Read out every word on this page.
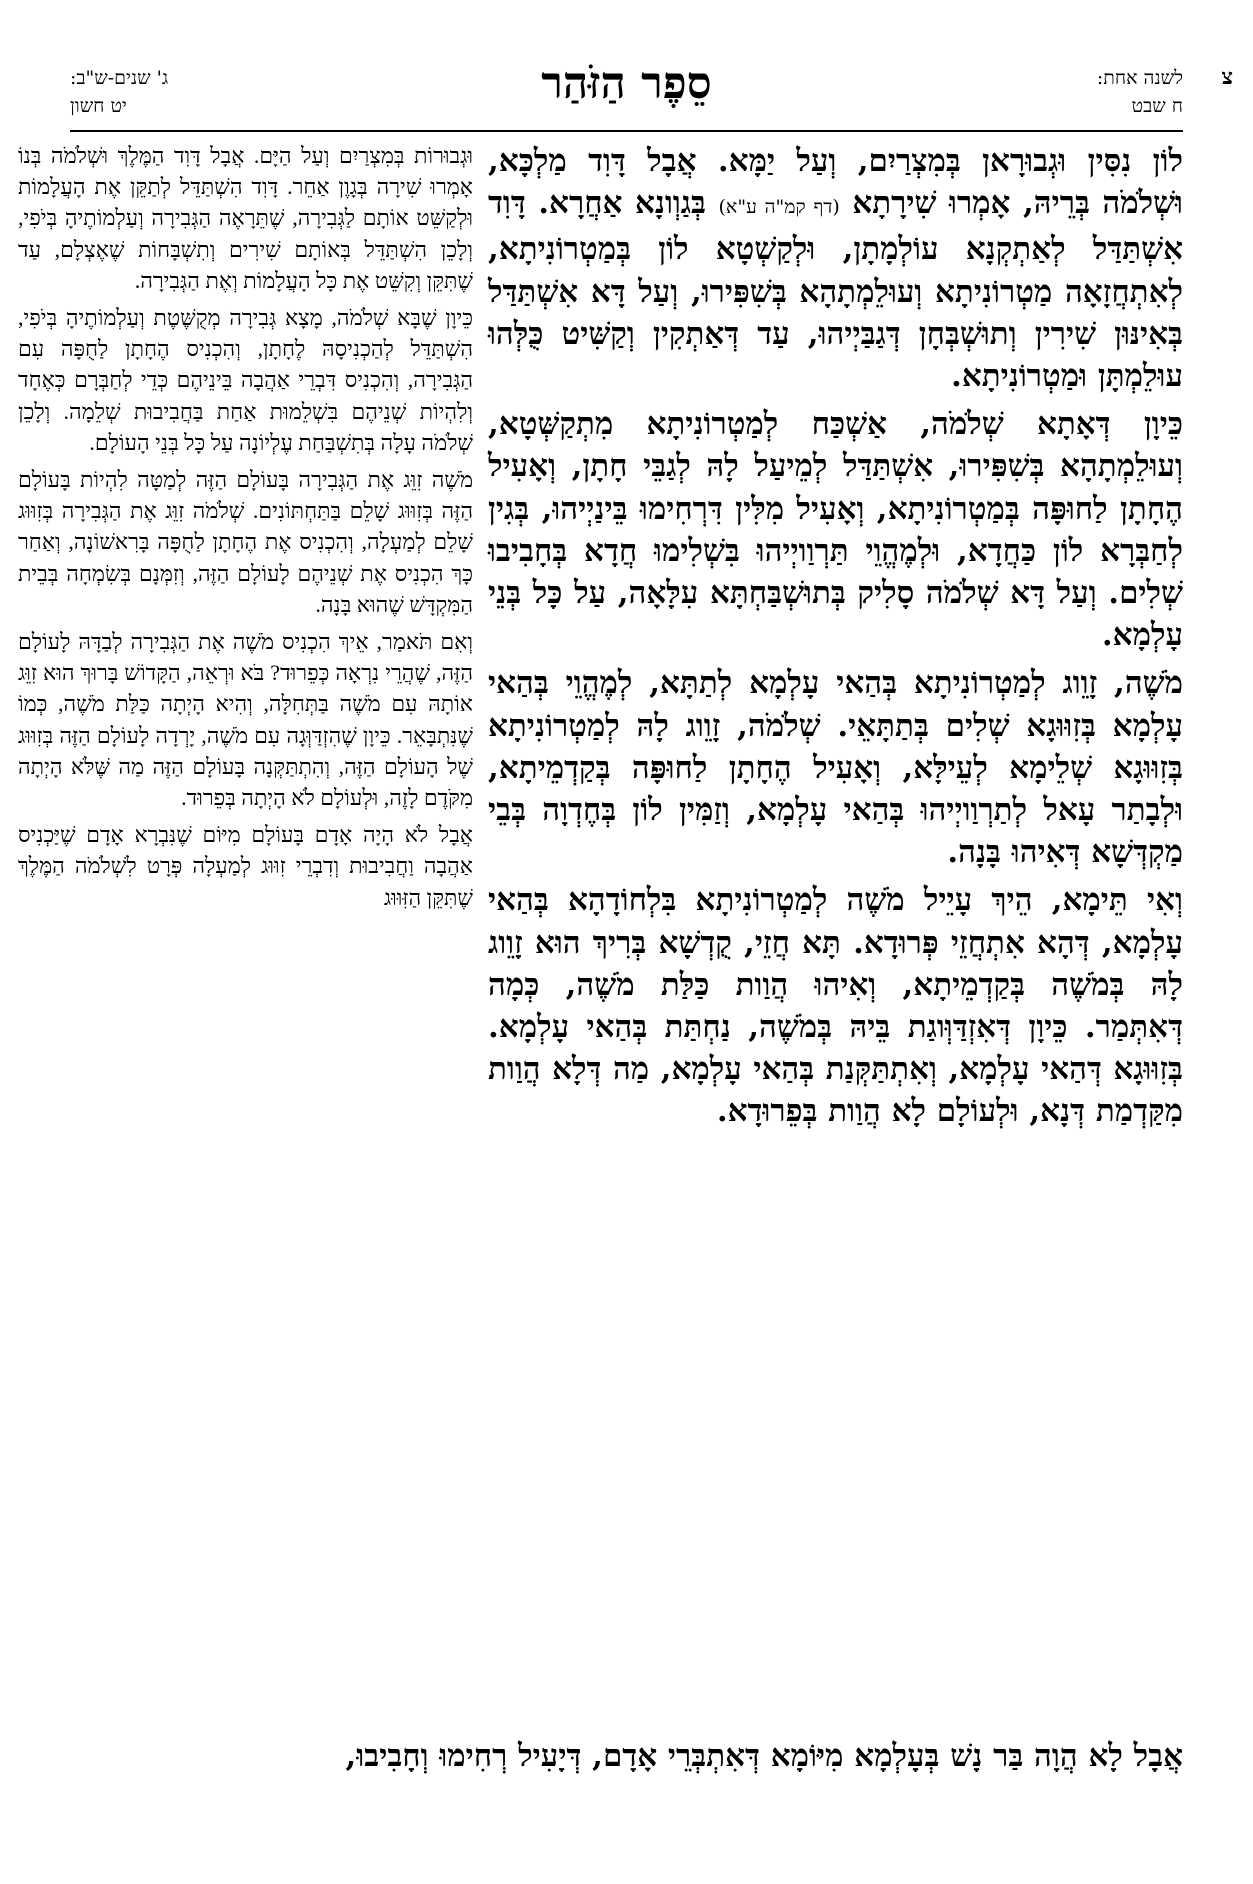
צ
לשנה אחת:
ח שבט
סֵפֶר הַזֹּהַר
ג' שנים-ש"ב:
יט חשון

לוֹן נִסִּין וּגְבוּרָאן בְּמִצְרַיִם, וְעַל יַמָּא. אֲבָל דָּוִד מַלְכָּא, וּשְׁלֹמֹה בְּרֵיהּ, אָמְרוּ שִׁירָתָא (דף קמ"ה ע"א) בְּגַוְונָא אַחֲרָא. דָּוִד אִשְׁתַּדַּל לְאַתְקְנָא עוֹלְמָתָן, וּלְקַשְׁטָא לוֹן בְּמַטְרוֹנִיתָא, לְאִתְחֲזָאָה מַטְרוֹנִיתָא וְעוּלֵמְתָהָא בְּשִׁפִּירוּ, וְעַל דָּא אִשְׁתַּדַּל בְּאִינּוּן שִׁירִין וְתוּשְׁבְּחָן דְּגַבַּיְיהוּ, עַד דְּאַתְקִין וְקַשִּׁיט כֻּלְּהוּ עוּלֵמְתָּן וּמַטְרוֹנִיתָא.

כֵּיוָן דְּאָתָא שְׁלֹמֹה, אַשְׁכַּח לְמַטְרוֹנִיתָא מִתְקַשְּׁטָא, וְעוּלֵמְתָהָא בְּשִׁפִּירוּ, אִשְׁתַּדַּל לְמֵיעַל לָהּ לְגַבֵּי חָתָן, וְאָעִיל הֶחָתָן לַחוּפָּה בְּמַטְרוֹנִיתָא, וְאָעִיל מִלִּין דִּרְחִימוּ בֵּינַיְיהוּ, בְּגִין לְחַבְּרָא לוֹן כַּחֲדָא, וּלְמֶהֱוֵי תַּרְוַויְיהוּ בִּשְׁלִימוּ חֲדָא בְּחָבִיבוּ שְׁלִים. וְעַל דָּא שְׁלֹמֹה סָלִיק בְּתוּשְׁבַּחְתָּא עִלָּאָה, עַל כָּל בְּנֵי עָלְמָא.

מֹשֶׁה, זָוֵוג לְמַטְרוֹנִיתָא בְּהַאי עָלְמָא לְתַתָּא, לְמֶהֱוֵי בְּהַאי עָלְמָא בְּזִוּוּגָא שְׁלִים בְּתַתָּאֵי. שְׁלֹמֹה, זָוֵוג לָהּ לְמַטְרוֹנִיתָא בְּזִוּוּגָא שְׁלֵימָא לְעֵילָּא, וְאָעִיל הֶחָתָן לַחוּפָּה בְּקַדְמֵיתָא, וּלְבָתַר עָאל לְתַרְוַויְיהוּ בְּהַאי עָלְמָא, וְזַמִּין לוֹן בְּחֶדְוָה בְּבֵי מַקְדְּשָׁא דְּאִיהוּ בָּנָה.

וְאִי תֵּימָא, הֵיךְ עָיֵיל מֹשֶׁה לְמַטְרוֹנִיתָא בִּלְחוֹדָהָא בְּהַאי עָלְמָא, דְּהָא אִתְחֲזֵי פְּרוּדָא. תָּא חֲזֵי, קֻדְשָׁא בְּרִיךְ הוּא זָוֵוג לָהּ בְּמֹשֶׁה בְּקַדְמֵיתָא, וְאִיהוּ הֲוַות כַּלַּת מֹשֶׁה, כְּמָה דְּאִתְּמַר. כֵּיוָן דְּאִזְדַּוְּוגַת בֵּיהּ בְּמֹשֶׁה, נַחְתַּת בְּהַאי עָלְמָא. בְּזִוּוּגָא דְּהַאי עָלְמָא, וְאִתְתַּקְּנַת בְּהַאי עָלְמָא, מַה דְּלָא הֲוַות מִקַּדְמַת דְּנָא, וּלְעוֹלָם לָא הֲוַות בְּפֵרוּדָא.

וּגְבוּרוֹת בְּמִצְרַיִם וְעַל הַיָּם. אֲבָל דָּוִד הַמֶּלֶךְ וּשְׁלֹמֹה בְּנוֹ אָמְרוּ שִׁירָה בְּגָוֶן אַחֵר. דָּוִד הִשְׁתַּדֵּל לְתַקֵּן אֶת הָעֲלָמוֹת וּלְקַשֵּׁט אוֹתָם לַגְּבִירָה, שֶׁתֵּרָאֶה הַגְּבִירָה וְעַלְמוֹתֶיהָ בְּיֹפִי, וְלָכֵן הִשְׁתַּדֵּל בְּאוֹתָם שִׁירִים וְתִשְׁבָּחוֹת שֶׁאֶצְלָם, עַד שֶׁתִּקֵּן וְקִשֵּׁט אֶת כָּל הָעֲלָמוֹת וְאֶת הַגְּבִירָה.

כֵּיוָן שֶׁבָּא שְׁלֹמֹה, מָצָא גְּבִירָה מְקֻשֶּׁטֶת וְעַלְמוֹתֶיהָ בְּיֹפִי, הִשְׁתַּדֵּל לְהַכְנִיסָהּ לֶחָתָן, וְהִכְנִיס הֶחָתָן לַחֻפָּה עִם הַגְּבִירָה, וְהִכְנִיס דִּבְרֵי אַהֲבָה בֵּינֵיהֶם כְּדֵי לְחַבְּרָם כְּאֶחָד וְלִהְיוֹת שְׁנֵיהֶם בִּשְׁלֵמוּת אַחַת בַּחֲבִיבוּת שְׁלֵמָה. וְלָכֵן שְׁלֹמֹה עָלָה בְּתִשְׁבַּחַת עֶלְיוֹנָה עַל כָּל בְּנֵי הָעוֹלָם.

מֹשֶׁה זִוֵּג אֶת הַגְּבִירָה בָּעוֹלָם הַזֶּה לְמַטָּה לִהְיוֹת בָּעוֹלָם הַזֶּה בְּזִוּוּג שָׁלֵם בַּתַּחְתּוֹנִים. שְׁלֹמֹה זִוֵּג אֶת הַגְּבִירָה בְּזִוּוּג שָׁלֵם לְמַעְלָה, וְהִכְנִיס אֶת הֶחָתָן לַחֻפָּה בָּרִאשׁוֹנָה, וְאַחַר כָּךְ הִכְנִיס אֶת שְׁנֵיהֶם לָעוֹלָם הַזֶּה, וְזִמְּנָם בְּשִׂמְחָה בְּבֵית הַמִּקְדָּשׁ שֶׁהוּא בָּנָה.

וְאִם תֹּאמַר, אֵיךְ הִכְנִיס מֹשֶׁה אֶת הַגְּבִירָה לְבַדָּהּ לָעוֹלָם הַזֶּה, שֶׁהֲרֵי נִרְאָה כְּפֵרוּד? בֹּא וּרְאֵה, הַקָּדוֹשׁ בָּרוּךְ הוּא זִוֵּג אוֹתָהּ עִם מֹשֶׁה בַּתְּחִלָּה, וְהִיא הָיְתָה כַּלַּת מֹשֶׁה, כְּמוֹ שֶׁנִּתְבָּאֵר. כֵּיוָן שֶׁהִזְדַּוְּגָה עִם מֹשֶׁה, יָרְדָה לָעוֹלָם הַזֶּה בְּזִוּוּג שֶׁל הָעוֹלָם הַזֶּה, וְהִתְתַּקְּנָה בָּעוֹלָם הַזֶּה מַה שֶּׁלֹּא הָיְתָה מִקֹּדֶם לָזֶה, וּלְעוֹלָם לֹא הָיְתָה בְּפֵרוּד.

אֲבָל לֹא הָיָה אָדָם בָּעוֹלָם מִיּוֹם שֶׁנִּבְרָא אָדָם שֶׁיַּכְנִיס אַהֲבָה וַחֲבִיבוּת וְדִבְרֵי זִוּוּג לְמַעְלָה פְּרָט לִשְׁלֹמֹה הַמֶּלֶךְ שֶׁתִּקֵּן הַזִּוּוּג

אֲבָל לָא הֲוָה בַּר נָשׁ בְּעָלְמָא מִיּוֹמָא דְּאִתְבְּרֵי אָדָם, דְּיָעִיל רְחִימוּ וְחָבִיבוּ,
